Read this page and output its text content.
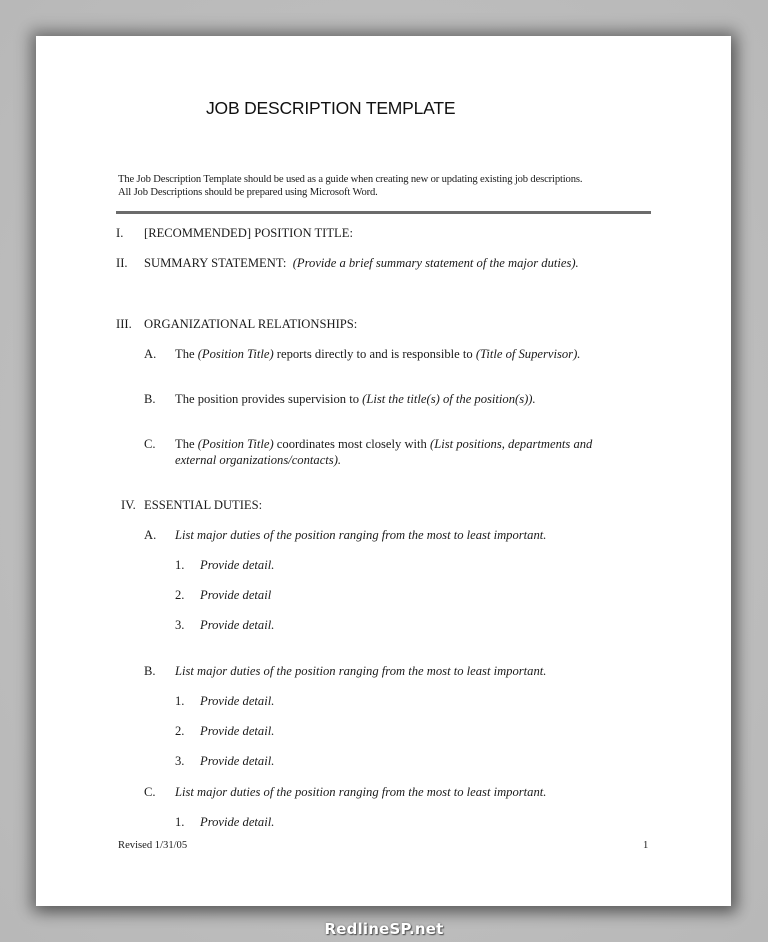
JOB DESCRIPTION TEMPLATE
The Job Description Template should be used as a guide when creating new or updating existing job descriptions.
All Job Descriptions should be prepared using Microsoft Word.
I. [RECOMMENDED] POSITION TITLE:
II. SUMMARY STATEMENT: (Provide a brief summary statement of the major duties).
III. ORGANIZATIONAL RELATIONSHIPS:
A. The (Position Title) reports directly to and is responsible to (Title of Supervisor).
B. The position provides supervision to (List the title(s) of the position(s)).
C. The (Position Title) coordinates most closely with (List positions, departments and
external organizations/contacts).
IV. ESSENTIAL DUTIES:
A. List major duties of the position ranging from the most to least important.
1. Provide detail.
2. Provide detail
3. Provide detail.
B. List major duties of the position ranging from the most to least important.
1. Provide detail.
2. Provide detail.
3. Provide detail.
C. List major duties of the position ranging from the most to least important.
1. Provide detail.
Revised 1/31/05	1
RedlineSP.net
